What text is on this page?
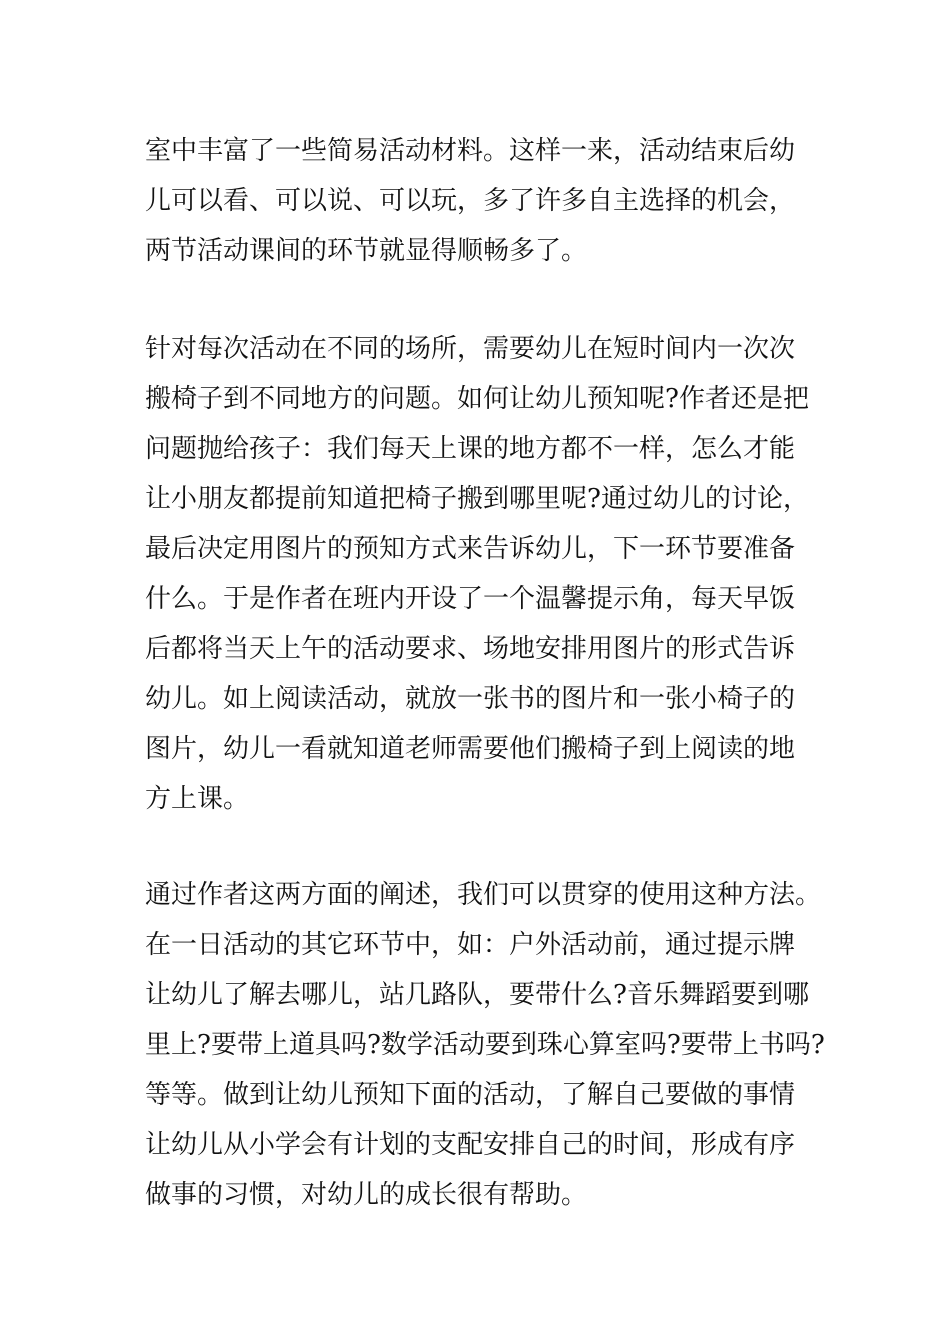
室中丰富了一些简易活动材料。这样一来，活动结束后幼

儿可以看、可以说、可以玩，多了许多自主选择的机会，

两节活动课间的环节就显得顺畅多了。

针对每次活动在不同的场所，需要幼儿在短时间内一次次

搬椅子到不同地方的问题。如何让幼儿预知呢?作者还是把

问题抛给孩子：我们每天上课的地方都不一样，怎么才能

让小朋友都提前知道把椅子搬到哪里呢?通过幼儿的讨论，

最后决定用图片的预知方式来告诉幼儿，下一环节要准备

什么。于是作者在班内开设了一个温馨提示角，每天早饭

后都将当天上午的活动要求、场地安排用图片的形式告诉

幼儿。如上阅读活动，就放一张书的图片和一张小椅子的

图片，幼儿一看就知道老师需要他们搬椅子到上阅读的地

方上课。

通过作者这两方面的阐述，我们可以贯穿的使用这种方法。

在一日活动的其它环节中，如：户外活动前，通过提示牌

让幼儿了解去哪儿，站几路队，要带什么?音乐舞蹈要到哪

里上?要带上道具吗?数学活动要到珠心算室吗?要带上书吗?

等等。做到让幼儿预知下面的活动，了解自己要做的事情

让幼儿从小学会有计划的支配安排自己的时间，形成有序

做事的习惯，对幼儿的成长很有帮助。
